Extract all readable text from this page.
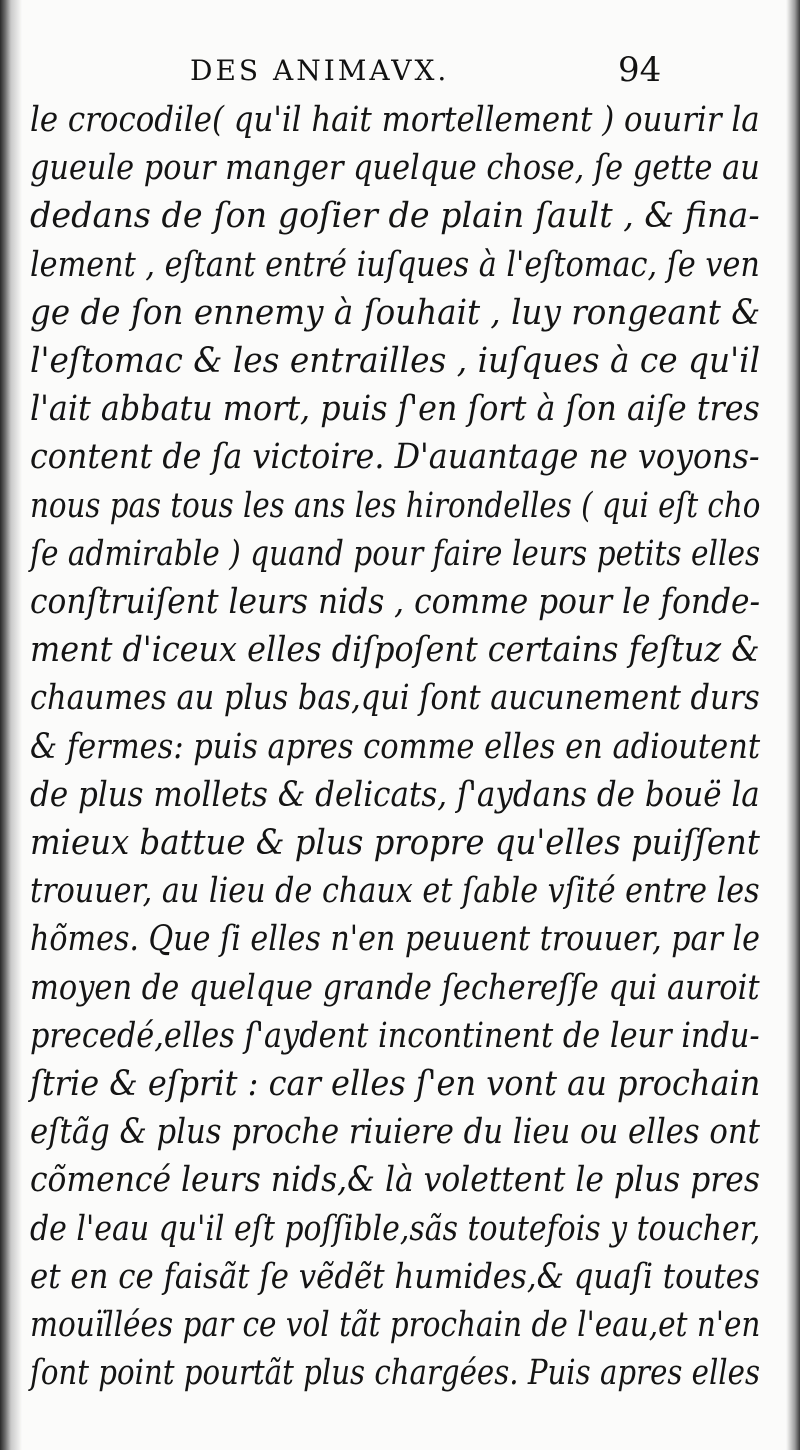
DES ANIMAVX.	94
le crocodile( qu'il hait mortellement ) ouurir la
gueule pour manger quelque chose, ſe gette au
dedans de ſon goſier de plain ſault , & fina-
lement , eſtant entré iuſques à l'eſtomac, ſe ven
ge de ſon ennemy à ſouhait , luy rongeant &
l'eſtomac & les entrailles , iuſques à ce qu'il
l'ait abbatu mort, puis ſ'en ſort à ſon aiſe tres
content de ſa victoire. D'auantage ne voyons-
nous pas tous les ans les hirondelles ( qui eſt cho
ſe admirable ) quand pour faire leurs petits elles
conſtruiſent leurs nids , comme pour le fonde-
ment d'iceux elles diſpoſent certains feſtuz &
chaumes au plus bas,qui ſont aucunement durs
& fermes: puis apres comme elles en adioutent
de plus mollets & delicats, ſ'aydans de bouë la
mieux battue & plus propre qu'elles puiſſent
trouuer, au lieu de chaux et ſable vſité entre les
hõmes. Que ſi elles n'en peuuent trouuer, par le
moyen de quelque grande ſechereſſe qui auroit
precedé,elles ſ'aydent incontinent de leur indu-
ſtrie & eſprit : car elles ſ'en vont au prochain
eſtãg & plus proche riuiere du lieu ou elles ont
cõmencé leurs nids,& là volettent le plus pres
de l'eau qu'il eſt poſſible,sãs toutefois y toucher,
et en ce faisãt ſe vẽdẽt humides,& quaſi toutes
mouïllées par ce vol tãt prochain de l'eau,et n'en
ſont point pourtãt plus chargées. Puis apres elles
